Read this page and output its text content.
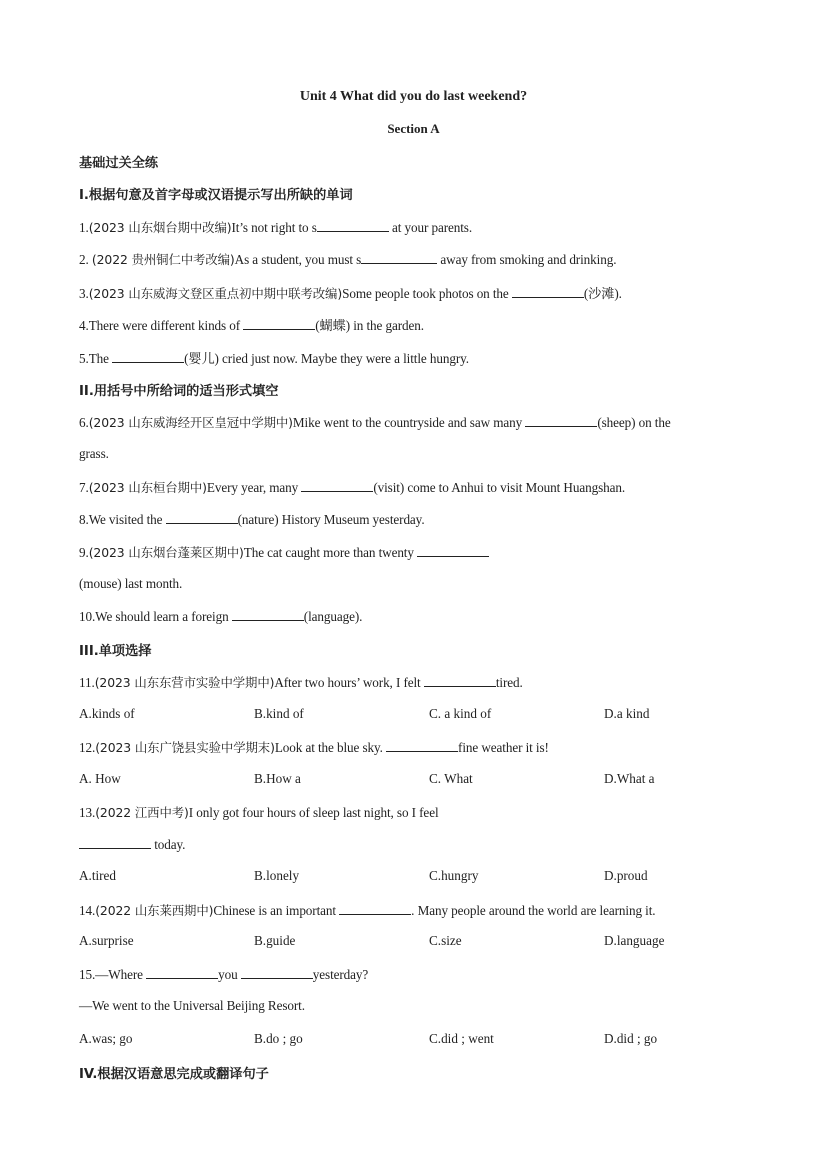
Unit 4 What did you do last weekend?
Section A
基础过关全练
I.根据句意及首字母或汉语提示写出所缺的单词
1.(2023 山东烟台期中改编)It’s not right to s	at your parents.
2. (2022 贵州铜仁中考改编)As a student, you must s	away from smoking and drinking.
3.(2023 山东威海文登区重点初中期中联考改编)Some people took photos on the	(沙滩).
4.There were different kinds of	(蝴蝶) in the garden.
5.The	(婴儿) cried just now. Maybe they were a little hungry.
II.用括号中所给词的适当形式填空
6.(2023 山东威海经开区皇冠中学期中)Mike went to the countryside and saw many	(sheep) on the
grass.
7.(2023 山东桓台期中)Every year, many	(visit) come to Anhui to visit Mount Huangshan.
8.We visited the	(nature) History Museum yesterday.
9.(2023 山东烟台蓬莱区期中)The cat caught more than twenty
(mouse) last month.
10.We should learn a foreign	(language).
III.单项选择
11.(2023 山东东营市实验中学期中)After two hours’ work, I felt	tired.
A.kinds of	B.kind of	C. a kind of	D.a kind
12.(2023 山东广饶县实验中学期末)Look at the blue sky.	fine weather it is!
A. How	B.How a	C. What	D.What a
13.(2022 江西中考)I only got four hours of sleep last night, so I feel
today.
A.tired	B.lonely	C.hungry	D.proud
14.(2022 山东莱西期中)Chinese is an important	. Many people around the world are learning it.
A.surprise	B.guide	C.size	D.language
15.—Where	you	yesterday?
—We went to the Universal Beijing Resort.
A.was; go	B.do ; go	C.did ; went	D.did ; go
IV.根据汉语意思完成或翻译句子
